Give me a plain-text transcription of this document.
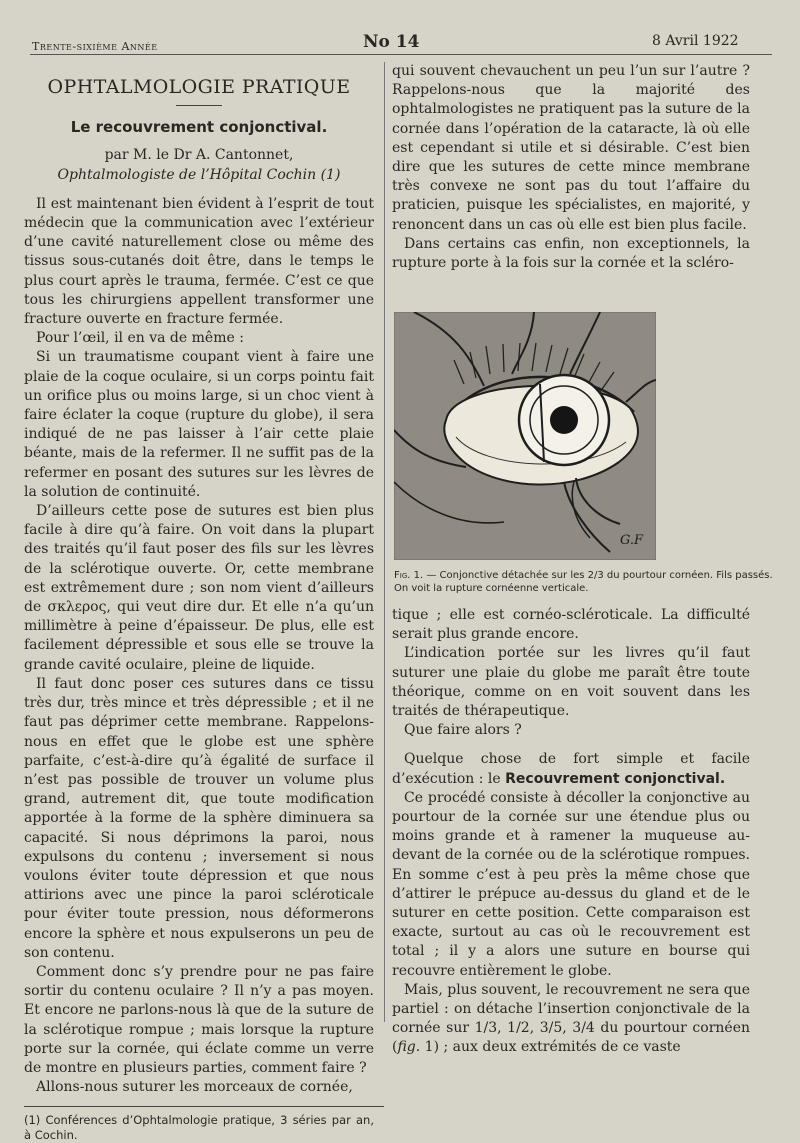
Trente-sixième Année	No 14	8 Avril 1922

OPHTALMOLOGIE PRATIQUE

Le recouvrement conjonctival.

par M. le Dr A. Cantonnet,

Ophtalmologiste de l’Hôpital Cochin (1)

Il est maintenant bien évident à l’esprit de tout médecin que la communication avec l’extérieur d’une cavité naturellement close ou même des tissus sous-cutanés doit être, dans le temps le plus court après le trauma, fermée. C’est ce que tous les chirurgiens appellent transformer une fracture ouverte en fracture fermée.

Pour l’œil, il en va de même :

Si un traumatisme coupant vient à faire une plaie de la coque oculaire, si un corps pointu fait un orifice plus ou moins large, si un choc vient à faire éclater la coque (rupture du globe), il sera indiqué de ne pas laisser à l’air cette plaie béante, mais de la refermer. Il ne suffit pas de la refermer en posant des sutures sur les lèvres de la solution de continuité.

D’ailleurs cette pose de sutures est bien plus facile à dire qu’à faire. On voit dans la plupart des traités qu’il faut poser des fils sur les lèvres de la sclérotique ouverte. Or, cette membrane est extrêmement dure ; son nom vient d’ailleurs de σκλερος, qui veut dire dur. Et elle n’a qu’un millimètre à peine d’épaisseur. De plus, elle est facilement dépressible et sous elle se trouve la grande cavité oculaire, pleine de liquide.

Il faut donc poser ces sutures dans ce tissu très dur, très mince et très dépressible ; et il ne faut pas déprimer cette membrane. Rappelons-nous en effet que le globe est une sphère parfaite, c’est-à-dire qu’à égalité de surface il n’est pas possible de trouver un volume plus grand, autrement dit, que toute modification apportée à la forme de la sphère diminuera sa capacité. Si nous déprimons la paroi, nous expulsons du contenu ; inversement si nous voulons éviter toute dépression et que nous attirions avec une pince la paroi scléroticale pour éviter toute pression, nous déformerons encore la sphère et nous expulserons un peu de son contenu.

Comment donc s’y prendre pour ne pas faire sortir du contenu oculaire ? Il n’y a pas moyen. Et encore ne parlons-nous là que de la suture de la sclérotique rompue ; mais lorsque la rupture porte sur la cornée, qui éclate comme un verre de montre en plusieurs parties, comment faire ?

Allons-nous suturer les morceaux de cornée,

(1) Conférences d’Ophtalmologie pratique, 3 séries par an, à Cochin.

qui souvent chevauchent un peu l’un sur l’autre ? Rappelons-nous que la majorité des ophtalmologistes ne pratiquent pas la suture de la cornée dans l’opération de la cataracte, là où elle est cependant si utile et si désirable. C’est bien dire que les sutures de cette mince membrane très convexe ne sont pas du tout l’affaire du praticien, puisque les spécialistes, en majorité, y renoncent dans un cas où elle est bien plus facile.

Dans certains cas enfin, non exceptionnels, la rupture porte à la fois sur la cornée et la scléro-

G.F
Fig. 1. — Conjonctive détachée sur les 2/3 du pourtour cornéen. Fils passés. On voit la rupture cornéenne verticale.

tique ; elle est cornéo-scléroticale. La difficulté serait plus grande encore.

L’indication portée sur les livres qu’il faut suturer une plaie du globe me paraît être toute théorique, comme on en voit souvent dans les traités de thérapeutique.

Que faire alors ?

Quelque chose de fort simple et facile d’exécution : le Recouvrement conjonctival.

Ce procédé consiste à décoller la conjonctive au pourtour de la cornée sur une étendue plus ou moins grande et à ramener la muqueuse au-devant de la cornée ou de la sclérotique rompues. En somme c’est à peu près la même chose que d’attirer le prépuce au-dessus du gland et de le suturer en cette position. Cette comparaison est exacte, surtout au cas où le recouvrement est total ; il y a alors une suture en bourse qui recouvre entièrement le globe.

Mais, plus souvent, le recouvrement ne sera que partiel : on détache l’insertion conjonctivale de la cornée sur 1/3, 1/2, 3/5, 3/4 du pourtour cornéen (fig. 1) ; aux deux extrémités de ce vaste
